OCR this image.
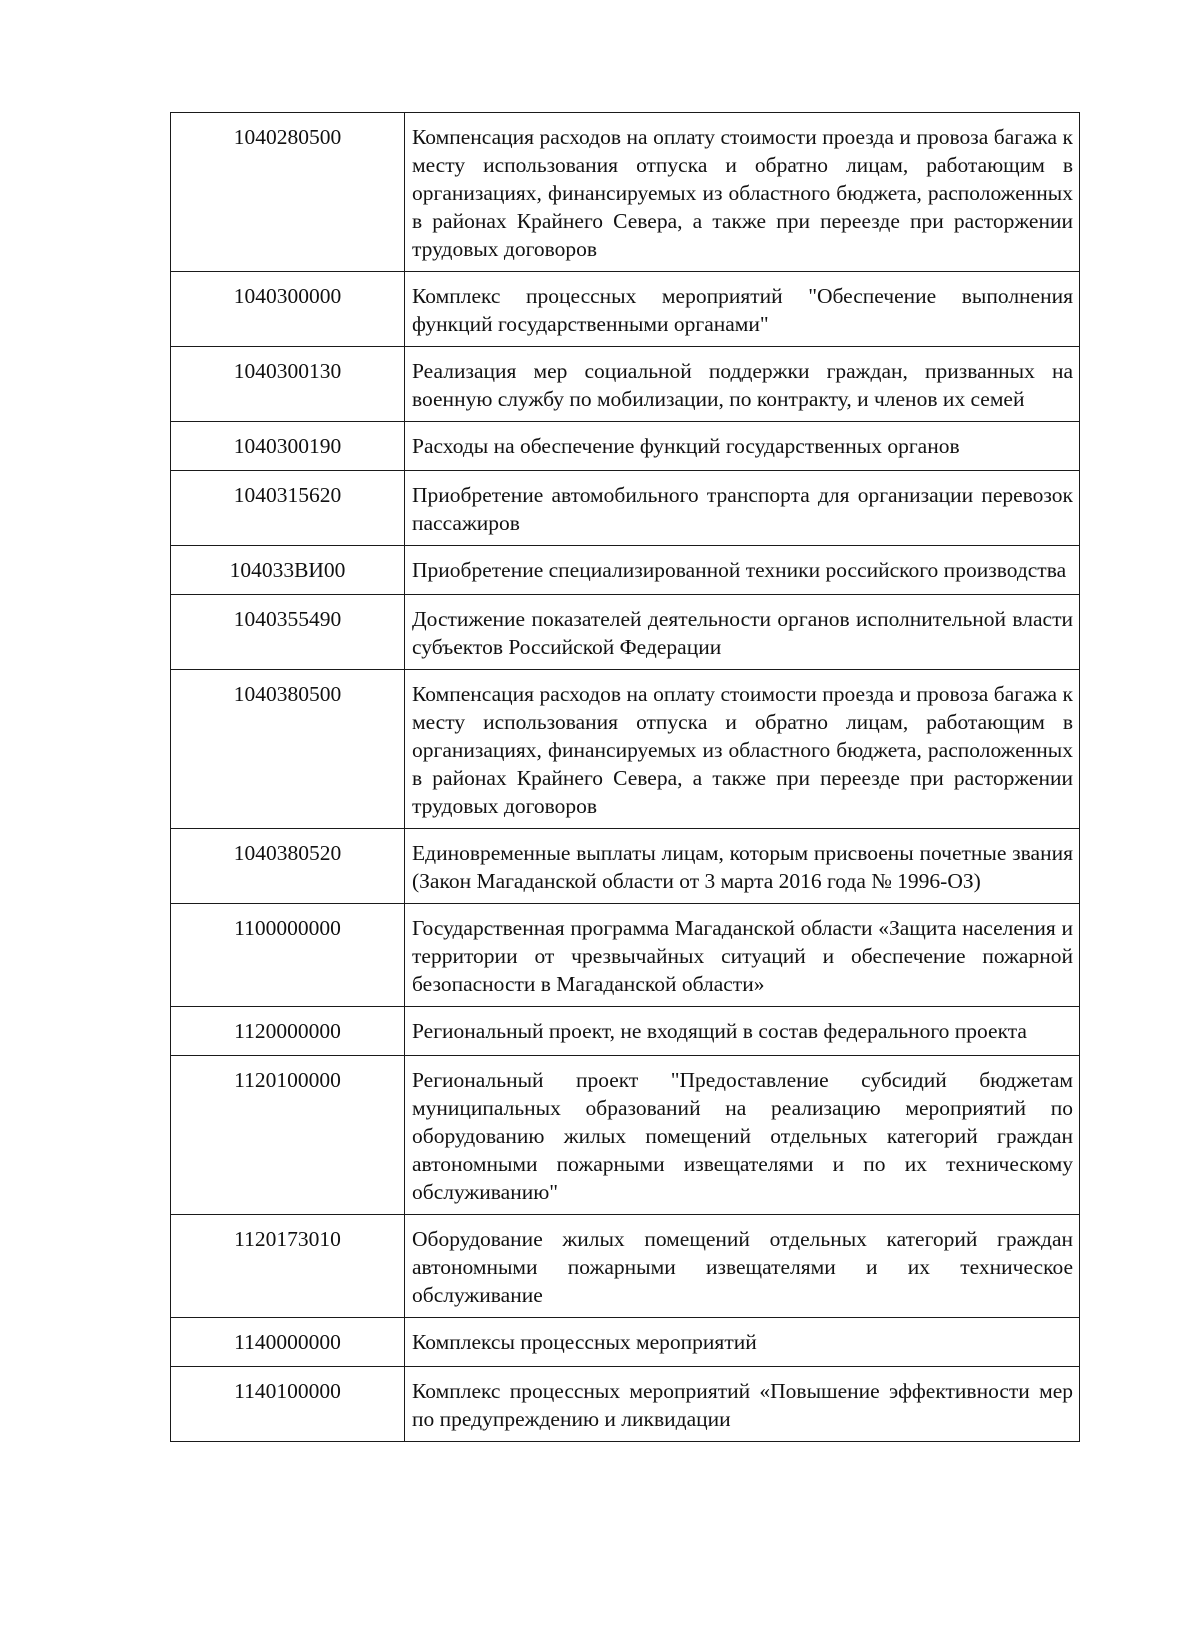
1040280500	Компенсация расходов на оплату стоимости проезда и провоза багажа к месту использования отпуска и обратно лицам, работающим в организациях, финансируемых из областного бюджета, расположенных в районах Крайнего Севера, а также при переезде при расторжении трудовых договоров
1040300000	Комплекс процессных мероприятий "Обеспечение выполнения функций государственными органами"
1040300130	Реализация мер социальной поддержки граждан, призванных на военную службу по мобилизации, по контракту, и членов их семей
1040300190	Расходы на обеспечение функций государственных органов
1040315620	Приобретение автомобильного транспорта для организации перевозок пассажиров
104033ВИ00	Приобретение специализированной техники российского производства
1040355490	Достижение показателей деятельности органов исполнительной власти субъектов Российской Федерации
1040380500	Компенсация расходов на оплату стоимости проезда и провоза багажа к месту использования отпуска и обратно лицам, работающим в организациях, финансируемых из областного бюджета, расположенных в районах Крайнего Севера, а также при переезде при расторжении трудовых договоров
1040380520	Единовременные выплаты лицам, которым присвоены почетные звания (Закон Магаданской области от 3 марта 2016 года № 1996-ОЗ)
1100000000	Государственная программа Магаданской области «Защита населения и территории от чрезвычайных ситуаций и обеспечение пожарной безопасности в Магаданской области»
1120000000	Региональный проект, не входящий в состав федерального проекта
1120100000	Региональный проект "Предоставление субсидий бюджетам муниципальных образований на реализацию мероприятий по оборудованию жилых помещений отдельных категорий граждан автономными пожарными извещателями и по их техническому обслуживанию"
1120173010	Оборудование жилых помещений отдельных категорий граждан автономными пожарными извещателями и их техническое обслуживание
1140000000	Комплексы процессных мероприятий
1140100000	Комплекс процессных мероприятий «Повышение эффективности мер по предупреждению и ликвидации
